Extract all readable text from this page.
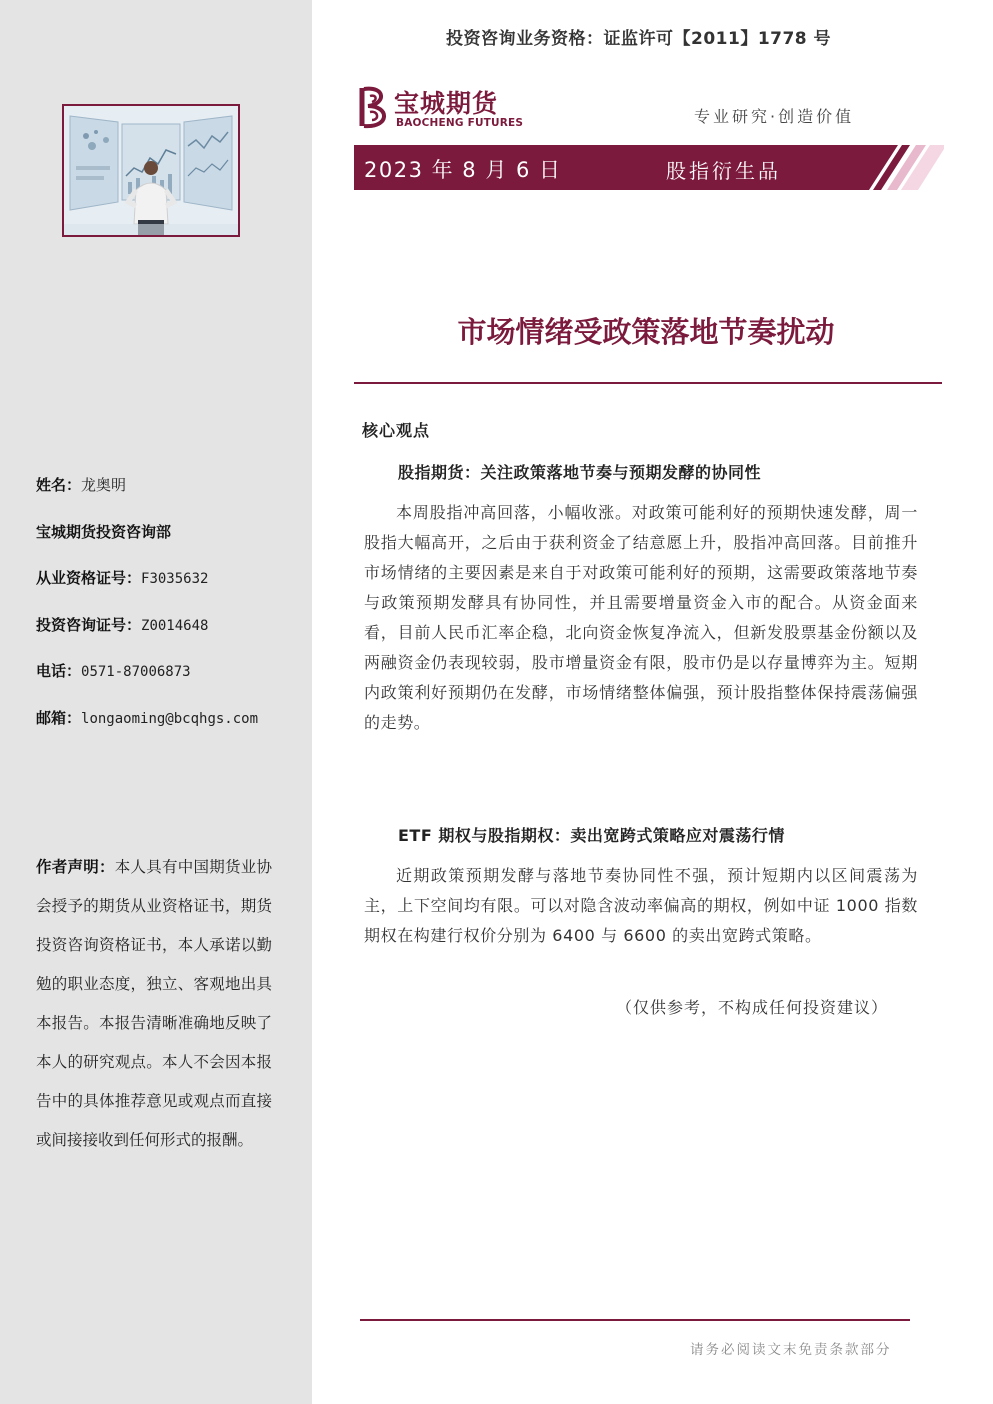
姓名：龙奥明
宝城期货投资咨询部
从业资格证号：F3035632
投资咨询证号：Z0014648
电话：0571-87006873
邮箱：longaoming@bcqhgs.com
作者声明：本人具有中国期货业协会授予的期货从业资格证书，期货投资咨询资格证书，本人承诺以勤勉的职业态度，独立、客观地出具本报告。本报告清晰准确地反映了本人的研究观点。本人不会因本报告中的具体推荐意见或观点而直接或间接接收到任何形式的报酬。
投资咨询业务资格：证监许可【2011】1778 号
宝城期货
BAOCHENG FUTURES	专业研究·创造价值
2023 年 8 月 6 日	股指衍生品
市场情绪受政策落地节奏扰动
核心观点
股指期货：关注政策落地节奏与预期发酵的协同性
本周股指冲高回落，小幅收涨。对政策可能利好的预期快速发酵，周一股指大幅高开，之后由于获利资金了结意愿上升，股指冲高回落。目前推升市场情绪的主要因素是来自于对政策可能利好的预期，这需要政策落地节奏与政策预期发酵具有协同性，并且需要增量资金入市的配合。从资金面来看，目前人民币汇率企稳，北向资金恢复净流入，但新发股票基金份额以及两融资金仍表现较弱，股市增量资金有限，股市仍是以存量博弈为主。短期内政策利好预期仍在发酵，市场情绪整体偏强，预计股指整体保持震荡偏强的走势。
ETF 期权与股指期权：卖出宽跨式策略应对震荡行情
近期政策预期发酵与落地节奏协同性不强，预计短期内以区间震荡为主，上下空间均有限。可以对隐含波动率偏高的期权，例如中证 1000 指数期权在构建行权价分别为 6400 与 6600 的卖出宽跨式策略。
（仅供参考，不构成任何投资建议）
请务必阅读文末免责条款部分
